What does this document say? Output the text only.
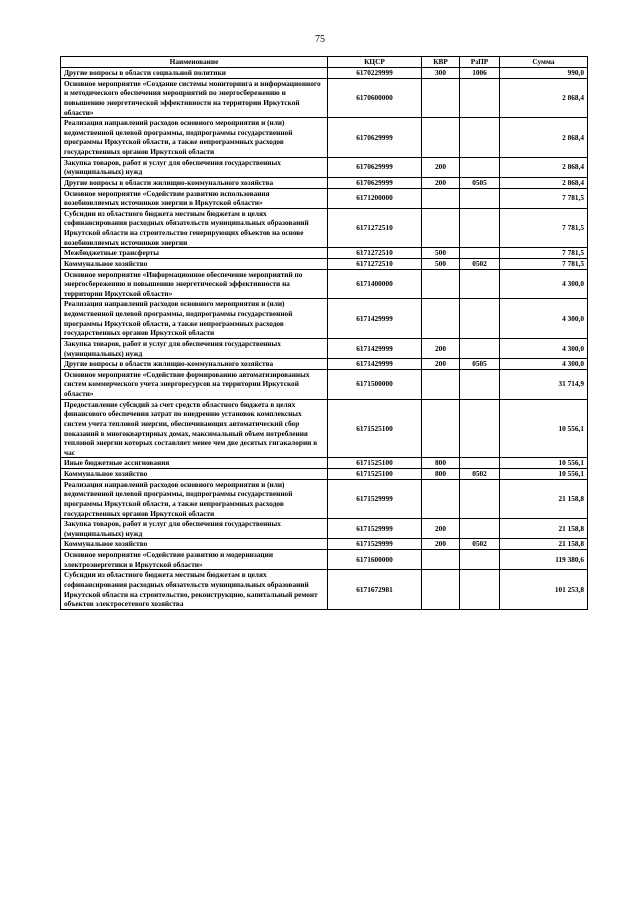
75
Наименование	КЦСР	КВР	РзПР	Сумма
Другие вопросы в области социальной политики	6170229999	300	1006	990,0
Основное мероприятие «Создание системы мониторинга и информационного и методического обеспечения мероприятий по энергосбережению и повышению энергетической эффективности на территории Иркутской области»	6170600000			2 868,4
Реализация направлений расходов основного мероприятия и (или) ведомственной целевой программы, подпрограммы государственной программы Иркутской области, а также непрограммных расходов государственных органов Иркутской области	6170629999			2 868,4
Закупка товаров, работ и услуг для обеспечения государственных (муниципальных) нужд	6170629999	200		2 868,4
Другие вопросы в области жилищно-коммунального хозяйства	6170629999	200	0505	2 868,4
Основное мероприятие «Содействие развитию использования возобновляемых источников энергии в Иркутской области»	6171200000			7 781,5
Субсидии из областного бюджета местным бюджетам в целях софинансирования расходных обязательств муниципальных образований Иркутской области на строительство генерирующих объектов на основе возобновляемых источников энергии	6171272510			7 781,5
Межбюджетные трансферты	6171272510	500		7 781,5
Коммунальное хозяйство	6171272510	500	0502	7 781,5
Основное мероприятие «Информационное обеспечение мероприятий по энергосбережению и повышению энергетической эффективности на территории Иркутской области»	6171400000			4 300,0
Реализация направлений расходов основного мероприятия и (или) ведомственной целевой программы, подпрограммы государственной программы Иркутской области, а также непрограммных расходов государственных органов Иркутской области	6171429999			4 300,0
Закупка товаров, работ и услуг для обеспечения государственных (муниципальных) нужд	6171429999	200		4 300,0
Другие вопросы в области жилищно-коммунального хозяйства	6171429999	200	0505	4 300,0
Основное мероприятие «Содействие формированию автоматизированных систем коммерческого учета энергоресурсов на территории Иркутской области»	6171500000			31 714,9
Предоставление субсидий за счет средств областного бюджета в целях финансового обеспечения затрат по внедрению установок комплексных систем учета тепловой энергии, обеспечивающих автоматический сбор показаний в многоквартирных домах, максимальный объем потребления тепловой энергии которых составляет менее чем две десятых гигакалории в час	6171525100			10 556,1
Иные бюджетные ассигнования	6171525100	800		10 556,1
Коммунальное хозяйство	6171525100	800	0502	10 556,1
Реализация направлений расходов основного мероприятия и (или) ведомственной целевой программы, подпрограммы государственной программы Иркутской области, а также непрограммных расходов государственных органов Иркутской области	6171529999			21 158,8
Закупка товаров, работ и услуг для обеспечения государственных (муниципальных) нужд	6171529999	200		21 158,8
Коммунальное хозяйство	6171529999	200	0502	21 158,8
Основное мероприятие «Содействие развитию и модернизации электроэнергетики в Иркутской области»	6171600000			119 380,6
Субсидии из областного бюджета местным бюджетам в целях софинансирования расходных обязательств муниципальных образований Иркутской области на строительство, реконструкцию, капитальный ремонт объектов электросетевого хозяйства	6171672981			101 253,8
